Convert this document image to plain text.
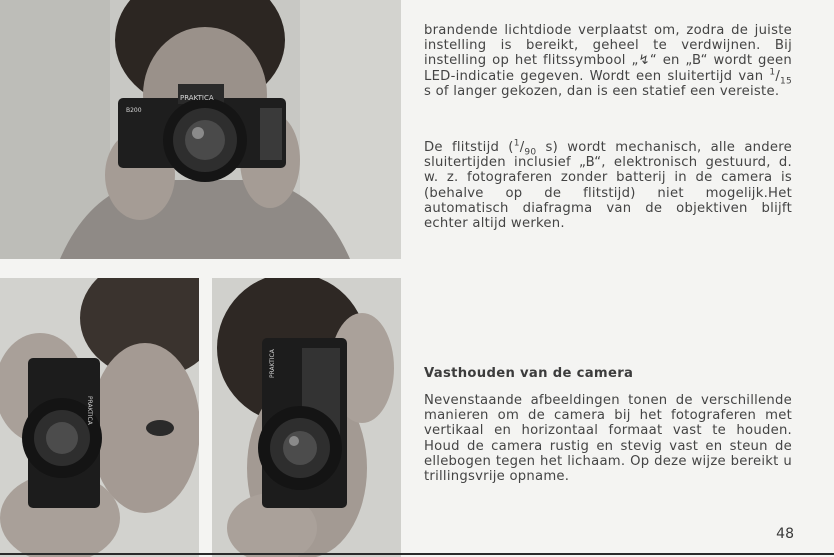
PRAKTICA
B200
PRAKTICA
PRAKTICA

brandende lichtdiode verplaatst om, zodra de juiste instelling is bereikt, geheel te verdwijnen. Bij instelling op het flitssymbool „↯“ en „B“ wordt geen LED-indicatie gegeven. Wordt een sluitertijd van $^1/_{15}$ s of langer gekozen, dan is een statief een vereiste.

De flitstijd ($^1/_{90}$ s) wordt mechanisch, alle andere sluitertijden inclusief „B“, elektronisch gestuurd, d. w. z. fotograferen zonder batterij in de camera is (behalve op de flitstijd) niet mogelijk.Het automatisch diafragma van de objektiven blijft echter altijd werken.

Vasthouden van de camera

Nevenstaande afbeeldingen tonen de verschillende manieren om de camera bij het fotograferen met vertikaal en horizontaal formaat vast te houden. Houd de camera rustig en stevig vast en steun de ellebogen tegen het lichaam. Op deze wijze bereikt u trillingsvrije opname.

48
